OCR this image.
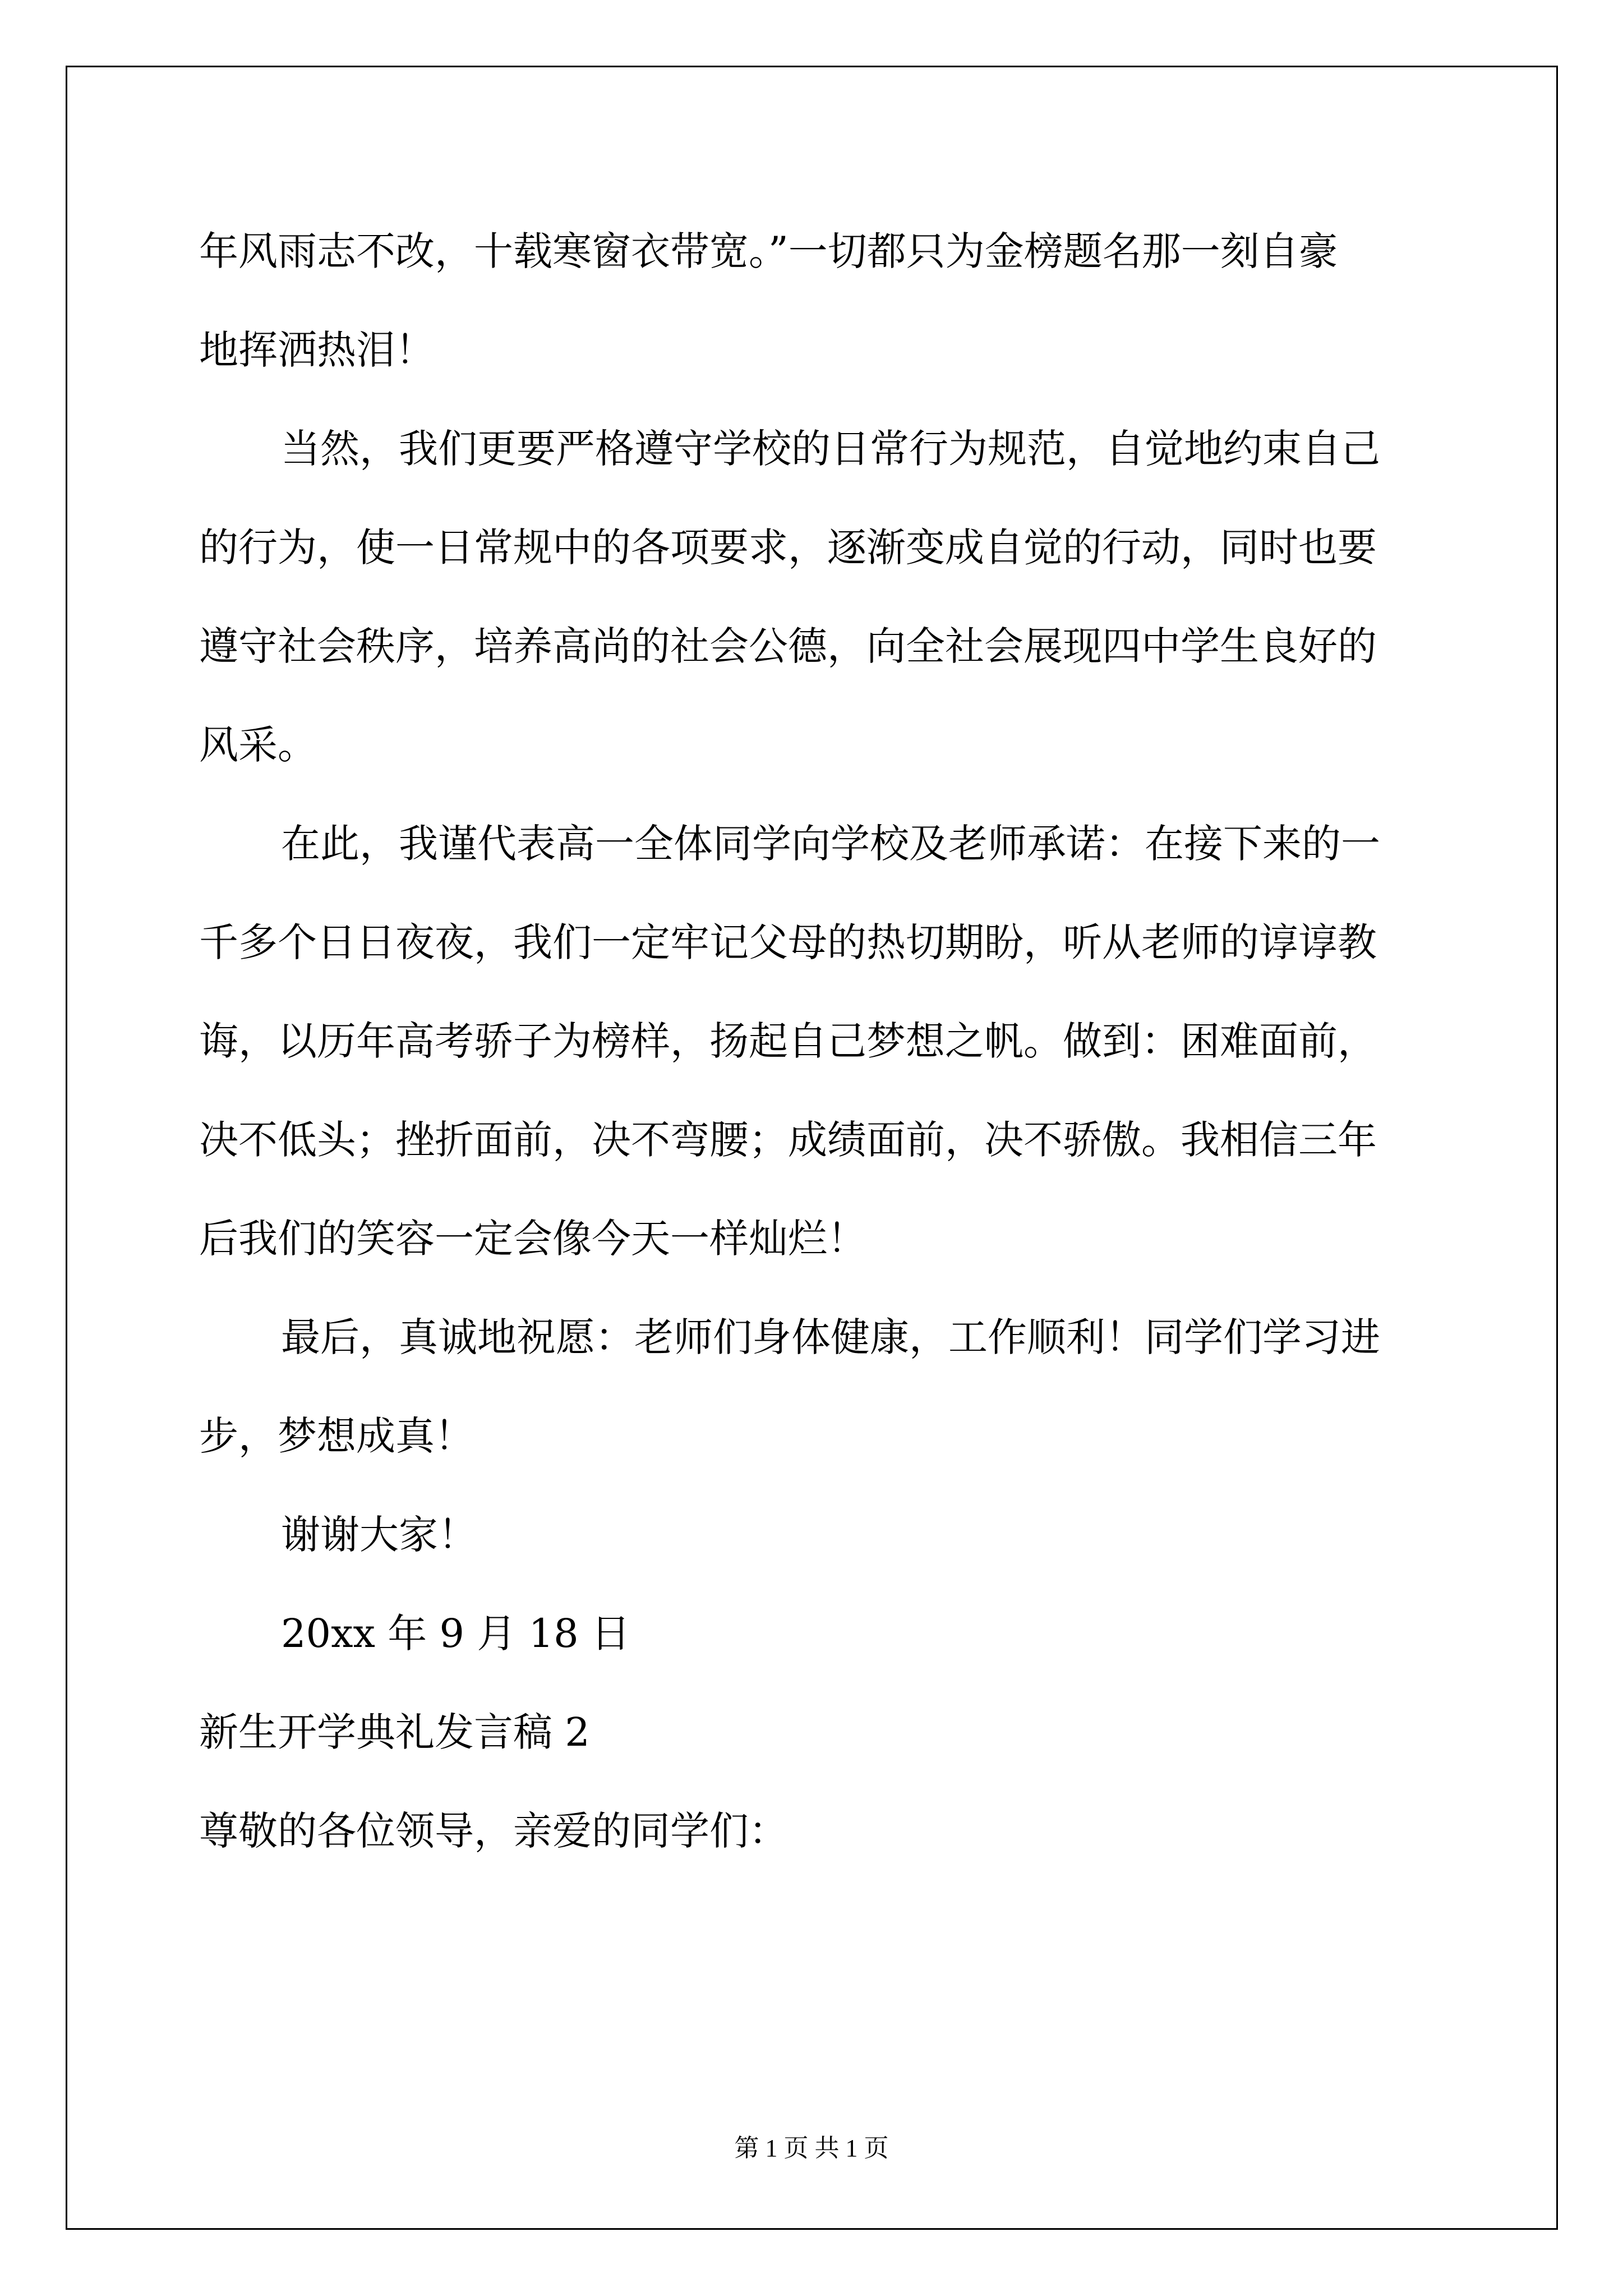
年风雨志不改，十载寒窗衣带宽。”一切都只为金榜题名那一刻自豪
地挥洒热泪！
当然，我们更要严格遵守学校的日常行为规范，自觉地约束自己
的行为，使一日常规中的各项要求，逐渐变成自觉的行动，同时也要
遵守社会秩序，培养高尚的社会公德，向全社会展现四中学生良好的
风采。
在此，我谨代表高一全体同学向学校及老师承诺：在接下来的一
千多个日日夜夜，我们一定牢记父母的热切期盼，听从老师的谆谆教
诲，以历年高考骄子为榜样，扬起自己梦想之帆。做到：困难面前，
决不低头；挫折面前，决不弯腰；成绩面前，决不骄傲。我相信三年
后我们的笑容一定会像今天一样灿烂！
最后，真诚地祝愿：老师们身体健康，工作顺利！同学们学习进
步，梦想成真！
谢谢大家！
20xx 年 9 月 18 日
新生开学典礼发言稿 2
尊敬的各位领导，亲爱的同学们：
第 1 页 共 1 页
